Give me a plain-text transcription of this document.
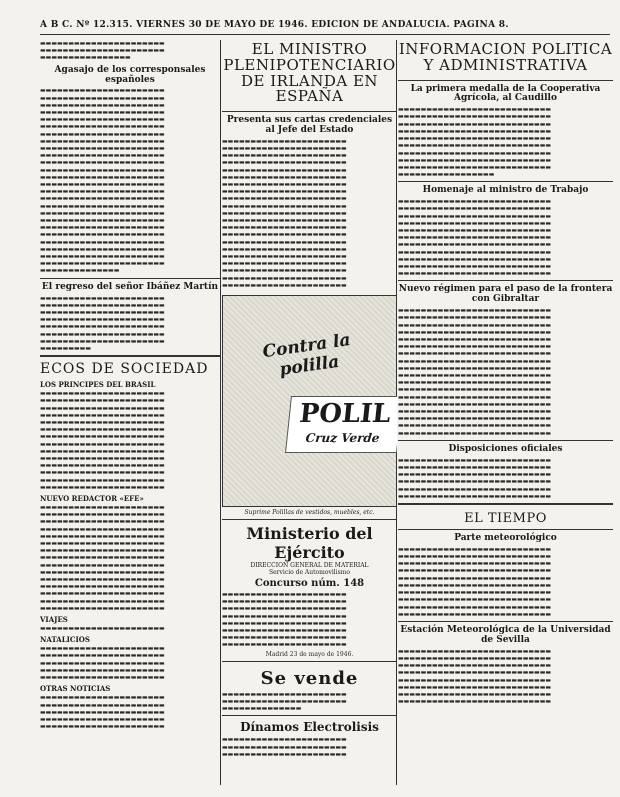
A B C. Nº 12.315. VIERNES 30 DE MAYO DE 1946. EDICION DE ANDALUCIA. PAGINA 8.
▬▬▬▬▬▬▬▬▬▬▬▬▬▬▬▬▬▬▬▬▬▬
▬▬▬▬▬▬▬▬▬▬▬▬▬▬▬▬▬▬▬▬▬▬
▬▬▬▬▬▬▬▬▬▬▬▬▬▬▬▬
Agasajo de los corresponsales españoles
▬▬▬▬▬▬▬▬▬▬▬▬▬▬▬▬▬▬▬▬▬▬
▬▬▬▬▬▬▬▬▬▬▬▬▬▬▬▬▬▬▬▬▬▬
▬▬▬▬▬▬▬▬▬▬▬▬▬▬▬▬▬▬▬▬▬▬
▬▬▬▬▬▬▬▬▬▬▬▬▬▬▬▬▬▬▬▬▬▬
▬▬▬▬▬▬▬▬▬▬▬▬▬▬▬▬▬▬▬▬▬▬
▬▬▬▬▬▬▬▬▬▬▬▬▬▬▬▬▬▬▬▬▬▬
▬▬▬▬▬▬▬▬▬▬▬▬▬▬▬▬▬▬▬▬▬▬
▬▬▬▬▬▬▬▬▬▬▬▬▬▬▬▬▬▬▬▬▬▬
▬▬▬▬▬▬▬▬▬▬▬▬▬▬▬▬▬▬▬▬▬▬
▬▬▬▬▬▬▬▬▬▬▬▬▬▬▬▬▬▬▬▬▬▬
▬▬▬▬▬▬▬▬▬▬▬▬▬▬▬▬▬▬▬▬▬▬
▬▬▬▬▬▬▬▬▬▬▬▬▬▬▬▬▬▬▬▬▬▬
▬▬▬▬▬▬▬▬▬▬▬▬▬▬▬▬▬▬▬▬▬▬
▬▬▬▬▬▬▬▬▬▬▬▬▬▬▬▬▬▬▬▬▬▬
▬▬▬▬▬▬▬▬▬▬▬▬▬▬▬▬▬▬▬▬▬▬
▬▬▬▬▬▬▬▬▬▬▬▬▬▬▬▬▬▬▬▬▬▬
▬▬▬▬▬▬▬▬▬▬▬▬▬▬▬▬▬▬▬▬▬▬
▬▬▬▬▬▬▬▬▬▬▬▬▬▬▬▬▬▬▬▬▬▬
▬▬▬▬▬▬▬▬▬▬▬▬▬▬▬▬▬▬▬▬▬▬
▬▬▬▬▬▬▬▬▬▬▬▬▬▬▬▬▬▬▬▬▬▬
▬▬▬▬▬▬▬▬▬▬▬▬▬▬▬▬▬▬▬▬▬▬
▬▬▬▬▬▬▬▬▬▬▬▬▬▬▬▬▬▬▬▬▬▬
▬▬▬▬▬▬▬▬▬▬▬▬▬▬▬▬▬▬▬▬▬▬
▬▬▬▬▬▬▬▬▬▬▬▬▬▬▬▬▬▬▬▬▬▬
▬▬▬▬▬▬▬▬▬▬▬▬▬▬▬▬▬▬▬▬▬▬
▬▬▬▬▬▬▬▬▬▬▬▬▬▬
El regreso del señor Ibáñez Martín
▬▬▬▬▬▬▬▬▬▬▬▬▬▬▬▬▬▬▬▬▬▬
▬▬▬▬▬▬▬▬▬▬▬▬▬▬▬▬▬▬▬▬▬▬
▬▬▬▬▬▬▬▬▬▬▬▬▬▬▬▬▬▬▬▬▬▬
▬▬▬▬▬▬▬▬▬▬▬▬▬▬▬▬▬▬▬▬▬▬
▬▬▬▬▬▬▬▬▬▬▬▬▬▬▬▬▬▬▬▬▬▬
▬▬▬▬▬▬▬▬▬▬▬▬▬▬▬▬▬▬▬▬▬▬
▬▬▬▬▬▬▬▬▬▬▬▬▬▬▬▬▬▬▬▬▬▬
▬▬▬▬▬▬▬▬▬
ECOS DE SOCIEDAD
LOS PRINCIPES DEL BRASIL
▬▬▬▬▬▬▬▬▬▬▬▬▬▬▬▬▬▬▬▬▬▬
▬▬▬▬▬▬▬▬▬▬▬▬▬▬▬▬▬▬▬▬▬▬
▬▬▬▬▬▬▬▬▬▬▬▬▬▬▬▬▬▬▬▬▬▬
▬▬▬▬▬▬▬▬▬▬▬▬▬▬▬▬▬▬▬▬▬▬
▬▬▬▬▬▬▬▬▬▬▬▬▬▬▬▬▬▬▬▬▬▬
▬▬▬▬▬▬▬▬▬▬▬▬▬▬▬▬▬▬▬▬▬▬
▬▬▬▬▬▬▬▬▬▬▬▬▬▬▬▬▬▬▬▬▬▬
▬▬▬▬▬▬▬▬▬▬▬▬▬▬▬▬▬▬▬▬▬▬
▬▬▬▬▬▬▬▬▬▬▬▬▬▬▬▬▬▬▬▬▬▬
▬▬▬▬▬▬▬▬▬▬▬▬▬▬▬▬▬▬▬▬▬▬
▬▬▬▬▬▬▬▬▬▬▬▬▬▬▬▬▬▬▬▬▬▬
▬▬▬▬▬▬▬▬▬▬▬▬▬▬▬▬▬▬▬▬▬▬
▬▬▬▬▬▬▬▬▬▬▬▬▬▬▬▬▬▬▬▬▬▬
▬▬▬▬▬▬▬▬▬▬▬▬▬▬▬▬▬▬▬▬▬▬
NUEVO REDACTOR «EFE»
▬▬▬▬▬▬▬▬▬▬▬▬▬▬▬▬▬▬▬▬▬▬
▬▬▬▬▬▬▬▬▬▬▬▬▬▬▬▬▬▬▬▬▬▬
▬▬▬▬▬▬▬▬▬▬▬▬▬▬▬▬▬▬▬▬▬▬
▬▬▬▬▬▬▬▬▬▬▬▬▬▬▬▬▬▬▬▬▬▬
▬▬▬▬▬▬▬▬▬▬▬▬▬▬▬▬▬▬▬▬▬▬
▬▬▬▬▬▬▬▬▬▬▬▬▬▬▬▬▬▬▬▬▬▬
▬▬▬▬▬▬▬▬▬▬▬▬▬▬▬▬▬▬▬▬▬▬
▬▬▬▬▬▬▬▬▬▬▬▬▬▬▬▬▬▬▬▬▬▬
▬▬▬▬▬▬▬▬▬▬▬▬▬▬▬▬▬▬▬▬▬▬
▬▬▬▬▬▬▬▬▬▬▬▬▬▬▬▬▬▬▬▬▬▬
▬▬▬▬▬▬▬▬▬▬▬▬▬▬▬▬▬▬▬▬▬▬
▬▬▬▬▬▬▬▬▬▬▬▬▬▬▬▬▬▬▬▬▬▬
▬▬▬▬▬▬▬▬▬▬▬▬▬▬▬▬▬▬▬▬▬▬
▬▬▬▬▬▬▬▬▬▬▬▬▬▬▬▬▬▬▬▬▬▬
▬▬▬▬▬▬▬▬▬▬▬▬▬▬▬▬▬▬▬▬▬▬
VIAJES
▬▬▬▬▬▬▬▬▬▬▬▬▬▬▬▬▬▬▬▬▬▬
NATALICIOS
▬▬▬▬▬▬▬▬▬▬▬▬▬▬▬▬▬▬▬▬▬▬
▬▬▬▬▬▬▬▬▬▬▬▬▬▬▬▬▬▬▬▬▬▬
▬▬▬▬▬▬▬▬▬▬▬▬▬▬▬▬▬▬▬▬▬▬
▬▬▬▬▬▬▬▬▬▬▬▬▬▬▬▬▬▬▬▬▬▬
▬▬▬▬▬▬▬▬▬▬▬▬▬▬▬▬▬▬▬▬▬▬
OTRAS NOTICIAS
▬▬▬▬▬▬▬▬▬▬▬▬▬▬▬▬▬▬▬▬▬▬
▬▬▬▬▬▬▬▬▬▬▬▬▬▬▬▬▬▬▬▬▬▬
▬▬▬▬▬▬▬▬▬▬▬▬▬▬▬▬▬▬▬▬▬▬
▬▬▬▬▬▬▬▬▬▬▬▬▬▬▬▬▬▬▬▬▬▬
▬▬▬▬▬▬▬▬▬▬▬▬▬▬▬▬▬▬▬▬▬▬
EL MINISTRO PLENIPOTENCIARIO DE IRLANDA EN ESPAÑA
Presenta sus cartas credenciales al Jefe del Estado
▬▬▬▬▬▬▬▬▬▬▬▬▬▬▬▬▬▬▬▬▬▬
▬▬▬▬▬▬▬▬▬▬▬▬▬▬▬▬▬▬▬▬▬▬
▬▬▬▬▬▬▬▬▬▬▬▬▬▬▬▬▬▬▬▬▬▬
▬▬▬▬▬▬▬▬▬▬▬▬▬▬▬▬▬▬▬▬▬▬
▬▬▬▬▬▬▬▬▬▬▬▬▬▬▬▬▬▬▬▬▬▬
▬▬▬▬▬▬▬▬▬▬▬▬▬▬▬▬▬▬▬▬▬▬
▬▬▬▬▬▬▬▬▬▬▬▬▬▬▬▬▬▬▬▬▬▬
▬▬▬▬▬▬▬▬▬▬▬▬▬▬▬▬▬▬▬▬▬▬
▬▬▬▬▬▬▬▬▬▬▬▬▬▬▬▬▬▬▬▬▬▬
▬▬▬▬▬▬▬▬▬▬▬▬▬▬▬▬▬▬▬▬▬▬
▬▬▬▬▬▬▬▬▬▬▬▬▬▬▬▬▬▬▬▬▬▬
▬▬▬▬▬▬▬▬▬▬▬▬▬▬▬▬▬▬▬▬▬▬
▬▬▬▬▬▬▬▬▬▬▬▬▬▬▬▬▬▬▬▬▬▬
▬▬▬▬▬▬▬▬▬▬▬▬▬▬▬▬▬▬▬▬▬▬
▬▬▬▬▬▬▬▬▬▬▬▬▬▬▬▬▬▬▬▬▬▬
▬▬▬▬▬▬▬▬▬▬▬▬▬▬▬▬▬▬▬▬▬▬
▬▬▬▬▬▬▬▬▬▬▬▬▬▬▬▬▬▬▬▬▬▬
▬▬▬▬▬▬▬▬▬▬▬▬▬▬▬▬▬▬▬▬▬▬
▬▬▬▬▬▬▬▬▬▬▬▬▬▬▬▬▬▬▬▬▬▬
▬▬▬▬▬▬▬▬▬▬▬▬▬▬▬▬▬▬▬▬▬▬
▬▬▬▬▬▬▬▬▬▬▬▬▬▬▬▬▬▬▬▬▬▬
Contra la polilla
POLIL
Cruz Verde
Suprime Polillas de vestidos, muebles, etc.
Ministerio del Ejército
DIRECCION GENERAL DE MATERIAL
Servicio de Automovilismo
Concurso núm. 148
▬▬▬▬▬▬▬▬▬▬▬▬▬▬▬▬▬▬▬▬▬▬
▬▬▬▬▬▬▬▬▬▬▬▬▬▬▬▬▬▬▬▬▬▬
▬▬▬▬▬▬▬▬▬▬▬▬▬▬▬▬▬▬▬▬▬▬
▬▬▬▬▬▬▬▬▬▬▬▬▬▬▬▬▬▬▬▬▬▬
▬▬▬▬▬▬▬▬▬▬▬▬▬▬▬▬▬▬▬▬▬▬
▬▬▬▬▬▬▬▬▬▬▬▬▬▬▬▬▬▬▬▬▬▬
▬▬▬▬▬▬▬▬▬▬▬▬▬▬▬▬▬▬▬▬▬▬
▬▬▬▬▬▬▬▬▬▬▬▬▬▬▬▬▬▬▬▬▬▬
Madrid 23 de mayo de 1946.
Se vende
▬▬▬▬▬▬▬▬▬▬▬▬▬▬▬▬▬▬▬▬▬▬
▬▬▬▬▬▬▬▬▬▬▬▬▬▬▬▬▬▬▬▬▬▬
▬▬▬▬▬▬▬▬▬▬▬▬▬▬
Dínamos Electrolisis
▬▬▬▬▬▬▬▬▬▬▬▬▬▬▬▬▬▬▬▬▬▬
▬▬▬▬▬▬▬▬▬▬▬▬▬▬▬▬▬▬▬▬▬▬
▬▬▬▬▬▬▬▬▬▬▬▬▬▬▬▬▬▬▬▬▬▬
INFORMACION POLITICA Y ADMINISTRATIVA
La primera medalla de la Cooperativa Agrícola, al Caudillo
▬▬▬▬▬▬▬▬▬▬▬▬▬▬▬▬▬▬▬▬▬▬▬▬▬▬▬
▬▬▬▬▬▬▬▬▬▬▬▬▬▬▬▬▬▬▬▬▬▬▬▬▬▬▬
▬▬▬▬▬▬▬▬▬▬▬▬▬▬▬▬▬▬▬▬▬▬▬▬▬▬▬
▬▬▬▬▬▬▬▬▬▬▬▬▬▬▬▬▬▬▬▬▬▬▬▬▬▬▬
▬▬▬▬▬▬▬▬▬▬▬▬▬▬▬▬▬▬▬▬▬▬▬▬▬▬▬
▬▬▬▬▬▬▬▬▬▬▬▬▬▬▬▬▬▬▬▬▬▬▬▬▬▬▬
▬▬▬▬▬▬▬▬▬▬▬▬▬▬▬▬▬▬▬▬▬▬▬▬▬▬▬
▬▬▬▬▬▬▬▬▬▬▬▬▬▬▬▬▬▬▬▬▬▬▬▬▬▬▬
▬▬▬▬▬▬▬▬▬▬▬▬▬▬▬▬▬▬▬▬▬▬▬▬▬▬▬
▬▬▬▬▬▬▬▬▬▬▬▬▬▬▬▬▬
Homenaje al ministro de Trabajo
▬▬▬▬▬▬▬▬▬▬▬▬▬▬▬▬▬▬▬▬▬▬▬▬▬▬▬
▬▬▬▬▬▬▬▬▬▬▬▬▬▬▬▬▬▬▬▬▬▬▬▬▬▬▬
▬▬▬▬▬▬▬▬▬▬▬▬▬▬▬▬▬▬▬▬▬▬▬▬▬▬▬
▬▬▬▬▬▬▬▬▬▬▬▬▬▬▬▬▬▬▬▬▬▬▬▬▬▬▬
▬▬▬▬▬▬▬▬▬▬▬▬▬▬▬▬▬▬▬▬▬▬▬▬▬▬▬
▬▬▬▬▬▬▬▬▬▬▬▬▬▬▬▬▬▬▬▬▬▬▬▬▬▬▬
▬▬▬▬▬▬▬▬▬▬▬▬▬▬▬▬▬▬▬▬▬▬▬▬▬▬▬
▬▬▬▬▬▬▬▬▬▬▬▬▬▬▬▬▬▬▬▬▬▬▬▬▬▬▬
▬▬▬▬▬▬▬▬▬▬▬▬▬▬▬▬▬▬▬▬▬▬▬▬▬▬▬
▬▬▬▬▬▬▬▬▬▬▬▬▬▬▬▬▬▬▬▬▬▬▬▬▬▬▬
▬▬▬▬▬▬▬▬▬▬▬▬▬▬▬▬▬▬▬▬▬▬▬▬▬▬▬
Nuevo régimen para el paso de la frontera con Gibraltar
▬▬▬▬▬▬▬▬▬▬▬▬▬▬▬▬▬▬▬▬▬▬▬▬▬▬▬
▬▬▬▬▬▬▬▬▬▬▬▬▬▬▬▬▬▬▬▬▬▬▬▬▬▬▬
▬▬▬▬▬▬▬▬▬▬▬▬▬▬▬▬▬▬▬▬▬▬▬▬▬▬▬
▬▬▬▬▬▬▬▬▬▬▬▬▬▬▬▬▬▬▬▬▬▬▬▬▬▬▬
▬▬▬▬▬▬▬▬▬▬▬▬▬▬▬▬▬▬▬▬▬▬▬▬▬▬▬
▬▬▬▬▬▬▬▬▬▬▬▬▬▬▬▬▬▬▬▬▬▬▬▬▬▬▬
▬▬▬▬▬▬▬▬▬▬▬▬▬▬▬▬▬▬▬▬▬▬▬▬▬▬▬
▬▬▬▬▬▬▬▬▬▬▬▬▬▬▬▬▬▬▬▬▬▬▬▬▬▬▬
▬▬▬▬▬▬▬▬▬▬▬▬▬▬▬▬▬▬▬▬▬▬▬▬▬▬▬
▬▬▬▬▬▬▬▬▬▬▬▬▬▬▬▬▬▬▬▬▬▬▬▬▬▬▬
▬▬▬▬▬▬▬▬▬▬▬▬▬▬▬▬▬▬▬▬▬▬▬▬▬▬▬
▬▬▬▬▬▬▬▬▬▬▬▬▬▬▬▬▬▬▬▬▬▬▬▬▬▬▬
▬▬▬▬▬▬▬▬▬▬▬▬▬▬▬▬▬▬▬▬▬▬▬▬▬▬▬
▬▬▬▬▬▬▬▬▬▬▬▬▬▬▬▬▬▬▬▬▬▬▬▬▬▬▬
▬▬▬▬▬▬▬▬▬▬▬▬▬▬▬▬▬▬▬▬▬▬▬▬▬▬▬
▬▬▬▬▬▬▬▬▬▬▬▬▬▬▬▬▬▬▬▬▬▬▬▬▬▬▬
▬▬▬▬▬▬▬▬▬▬▬▬▬▬▬▬▬▬▬▬▬▬▬▬▬▬▬
▬▬▬▬▬▬▬▬▬▬▬▬▬▬▬▬▬▬▬▬▬▬▬▬▬▬▬
Disposiciones oficiales
▬▬▬▬▬▬▬▬▬▬▬▬▬▬▬▬▬▬▬▬▬▬▬▬▬▬▬
▬▬▬▬▬▬▬▬▬▬▬▬▬▬▬▬▬▬▬▬▬▬▬▬▬▬▬
▬▬▬▬▬▬▬▬▬▬▬▬▬▬▬▬▬▬▬▬▬▬▬▬▬▬▬
▬▬▬▬▬▬▬▬▬▬▬▬▬▬▬▬▬▬▬▬▬▬▬▬▬▬▬
▬▬▬▬▬▬▬▬▬▬▬▬▬▬▬▬▬▬▬▬▬▬▬▬▬▬▬
▬▬▬▬▬▬▬▬▬▬▬▬▬▬▬▬▬▬▬▬▬▬▬▬▬▬▬
EL TIEMPO
Parte meteorológico
▬▬▬▬▬▬▬▬▬▬▬▬▬▬▬▬▬▬▬▬▬▬▬▬▬▬▬
▬▬▬▬▬▬▬▬▬▬▬▬▬▬▬▬▬▬▬▬▬▬▬▬▬▬▬
▬▬▬▬▬▬▬▬▬▬▬▬▬▬▬▬▬▬▬▬▬▬▬▬▬▬▬
▬▬▬▬▬▬▬▬▬▬▬▬▬▬▬▬▬▬▬▬▬▬▬▬▬▬▬
▬▬▬▬▬▬▬▬▬▬▬▬▬▬▬▬▬▬▬▬▬▬▬▬▬▬▬
▬▬▬▬▬▬▬▬▬▬▬▬▬▬▬▬▬▬▬▬▬▬▬▬▬▬▬
▬▬▬▬▬▬▬▬▬▬▬▬▬▬▬▬▬▬▬▬▬▬▬▬▬▬▬
▬▬▬▬▬▬▬▬▬▬▬▬▬▬▬▬▬▬▬▬▬▬▬▬▬▬▬
▬▬▬▬▬▬▬▬▬▬▬▬▬▬▬▬▬▬▬▬▬▬▬▬▬▬▬
▬▬▬▬▬▬▬▬▬▬▬▬▬▬▬▬▬▬▬▬▬▬▬▬▬▬▬
Estación Meteorológica de la Universidad de Sevilla
▬▬▬▬▬▬▬▬▬▬▬▬▬▬▬▬▬▬▬▬▬▬▬▬▬▬▬
▬▬▬▬▬▬▬▬▬▬▬▬▬▬▬▬▬▬▬▬▬▬▬▬▬▬▬
▬▬▬▬▬▬▬▬▬▬▬▬▬▬▬▬▬▬▬▬▬▬▬▬▬▬▬
▬▬▬▬▬▬▬▬▬▬▬▬▬▬▬▬▬▬▬▬▬▬▬▬▬▬▬
▬▬▬▬▬▬▬▬▬▬▬▬▬▬▬▬▬▬▬▬▬▬▬▬▬▬▬
▬▬▬▬▬▬▬▬▬▬▬▬▬▬▬▬▬▬▬▬▬▬▬▬▬▬▬
▬▬▬▬▬▬▬▬▬▬▬▬▬▬▬▬▬▬▬▬▬▬▬▬▬▬▬
▬▬▬▬▬▬▬▬▬▬▬▬▬▬▬▬▬▬▬▬▬▬▬▬▬▬▬
